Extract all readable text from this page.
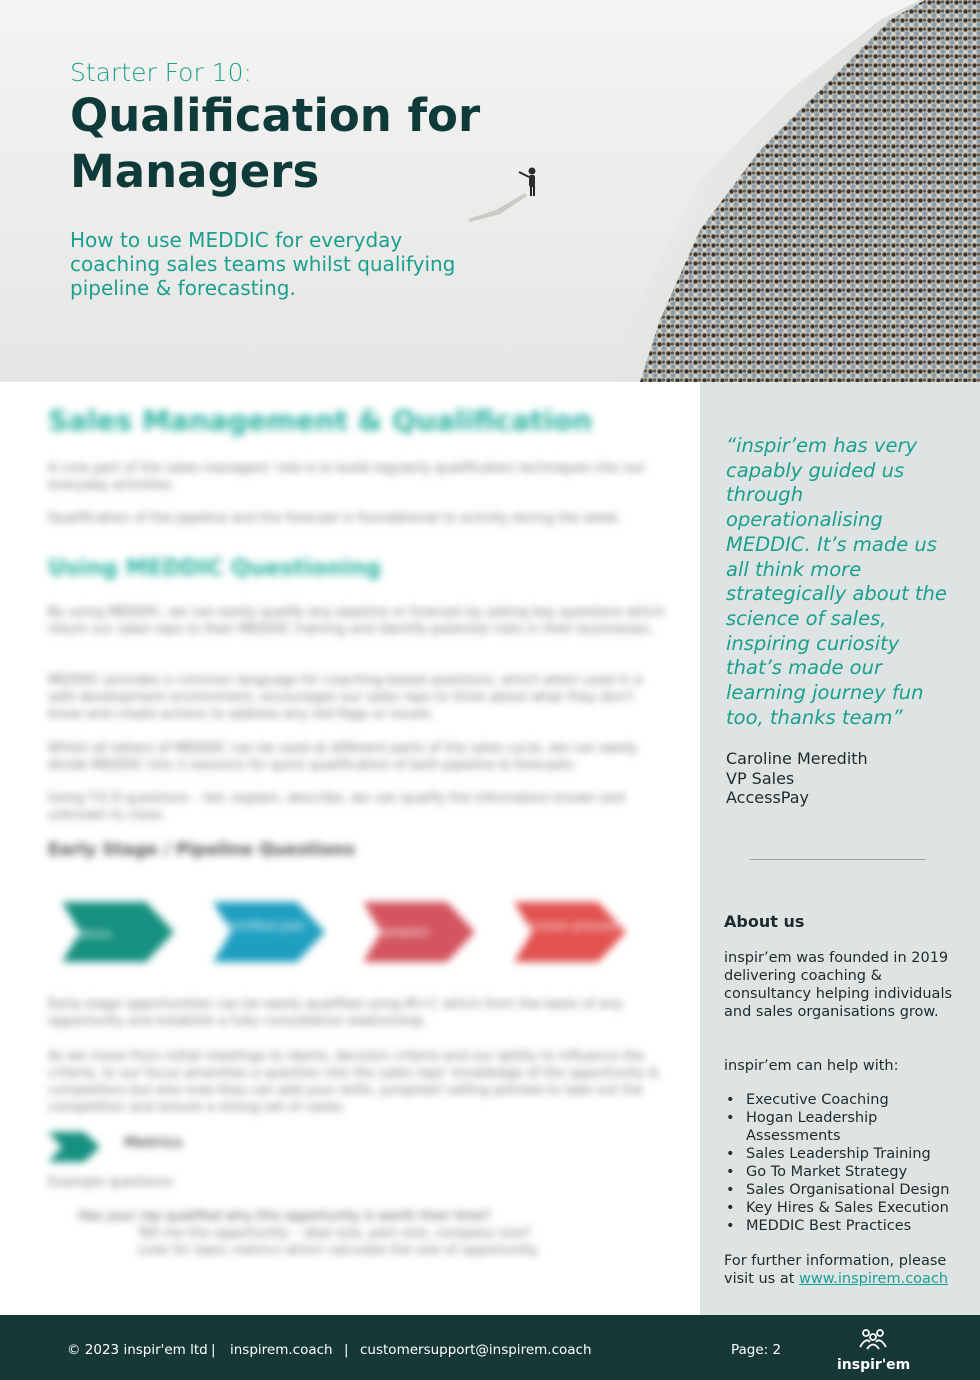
Starter For 10:
Qualification for Managers
How to use MEDDIC for everyday coaching sales teams whilst qualifying pipeline & forecasting.
Sales Management & Qualification
A core part of the sales managers' role is to build regularly qualification techniques into our everyday activities.
Qualification of the pipeline and the forecast is foundational to activity during the week.
Using MEDDIC Questioning
By using MEDDIC, we can easily qualify any pipeline or forecast by asking key questions which return our sales reps to their MEDDIC training and identify potential risks in their businesses.
MEDDIC provides a common language for coaching-based questions, which when used in a safe development environment, encourages our sales reps to think about what they don't know and create actions to address any red flags or issues.
Whilst all letters of MEDDIC can be used at different parts of the sales cycle, we can easily divide MEDDIC into 2 sessions for quick qualification of both pipeline & forecasts.
Using T.E.D questions – tell, explain, describe, we can qualify the information known and unknown to close.
Early Stage / Pipeline Questions
Metrics
Identified pain	Champion	Decision process
Early-stage opportunities can be easily qualified using M-I-C which form the basis of any opportunity and establish a fully consultative relationship.
As we move from initial meetings to idents, decision criteria and our ability to influence the criteria, to our focus amenities a question into the sales reps' knowledge of the opportunity & competitors but also how they can add your skills, jumpstart selling pointed to take out the competition and ensure a strong set of cases.
Metrics
Example questions:
Has your rep qualified why this opportunity is worth their time?
Tell me the opportunity – deal size, pain size, company size?
Look for basic metrics which calculate the size of opportunity.
“inspir’em has very capably guided us through operationalising MEDDIC. It’s made us all think more strategically about the science of sales, inspiring curiosity that’s made our learning journey fun too, thanks team”
Caroline Meredith
VP Sales
AccessPay
About us
inspir’em was founded in 2019 delivering coaching & consultancy helping individuals and sales organisations grow.
inspir’em can help with:
• Executive Coaching
• Hogan Leadership Assessments
• Sales Leadership Training
• Go To Market Strategy
• Sales Organisational Design
• Key Hires & Sales Execution
• MEDDIC Best Practices
For further information, please visit us at www.inspirem.coach
© 2023 inspir'em ltd | inspirem.coach | customersupport@inspirem.coach	Page: 2
inspir'em
